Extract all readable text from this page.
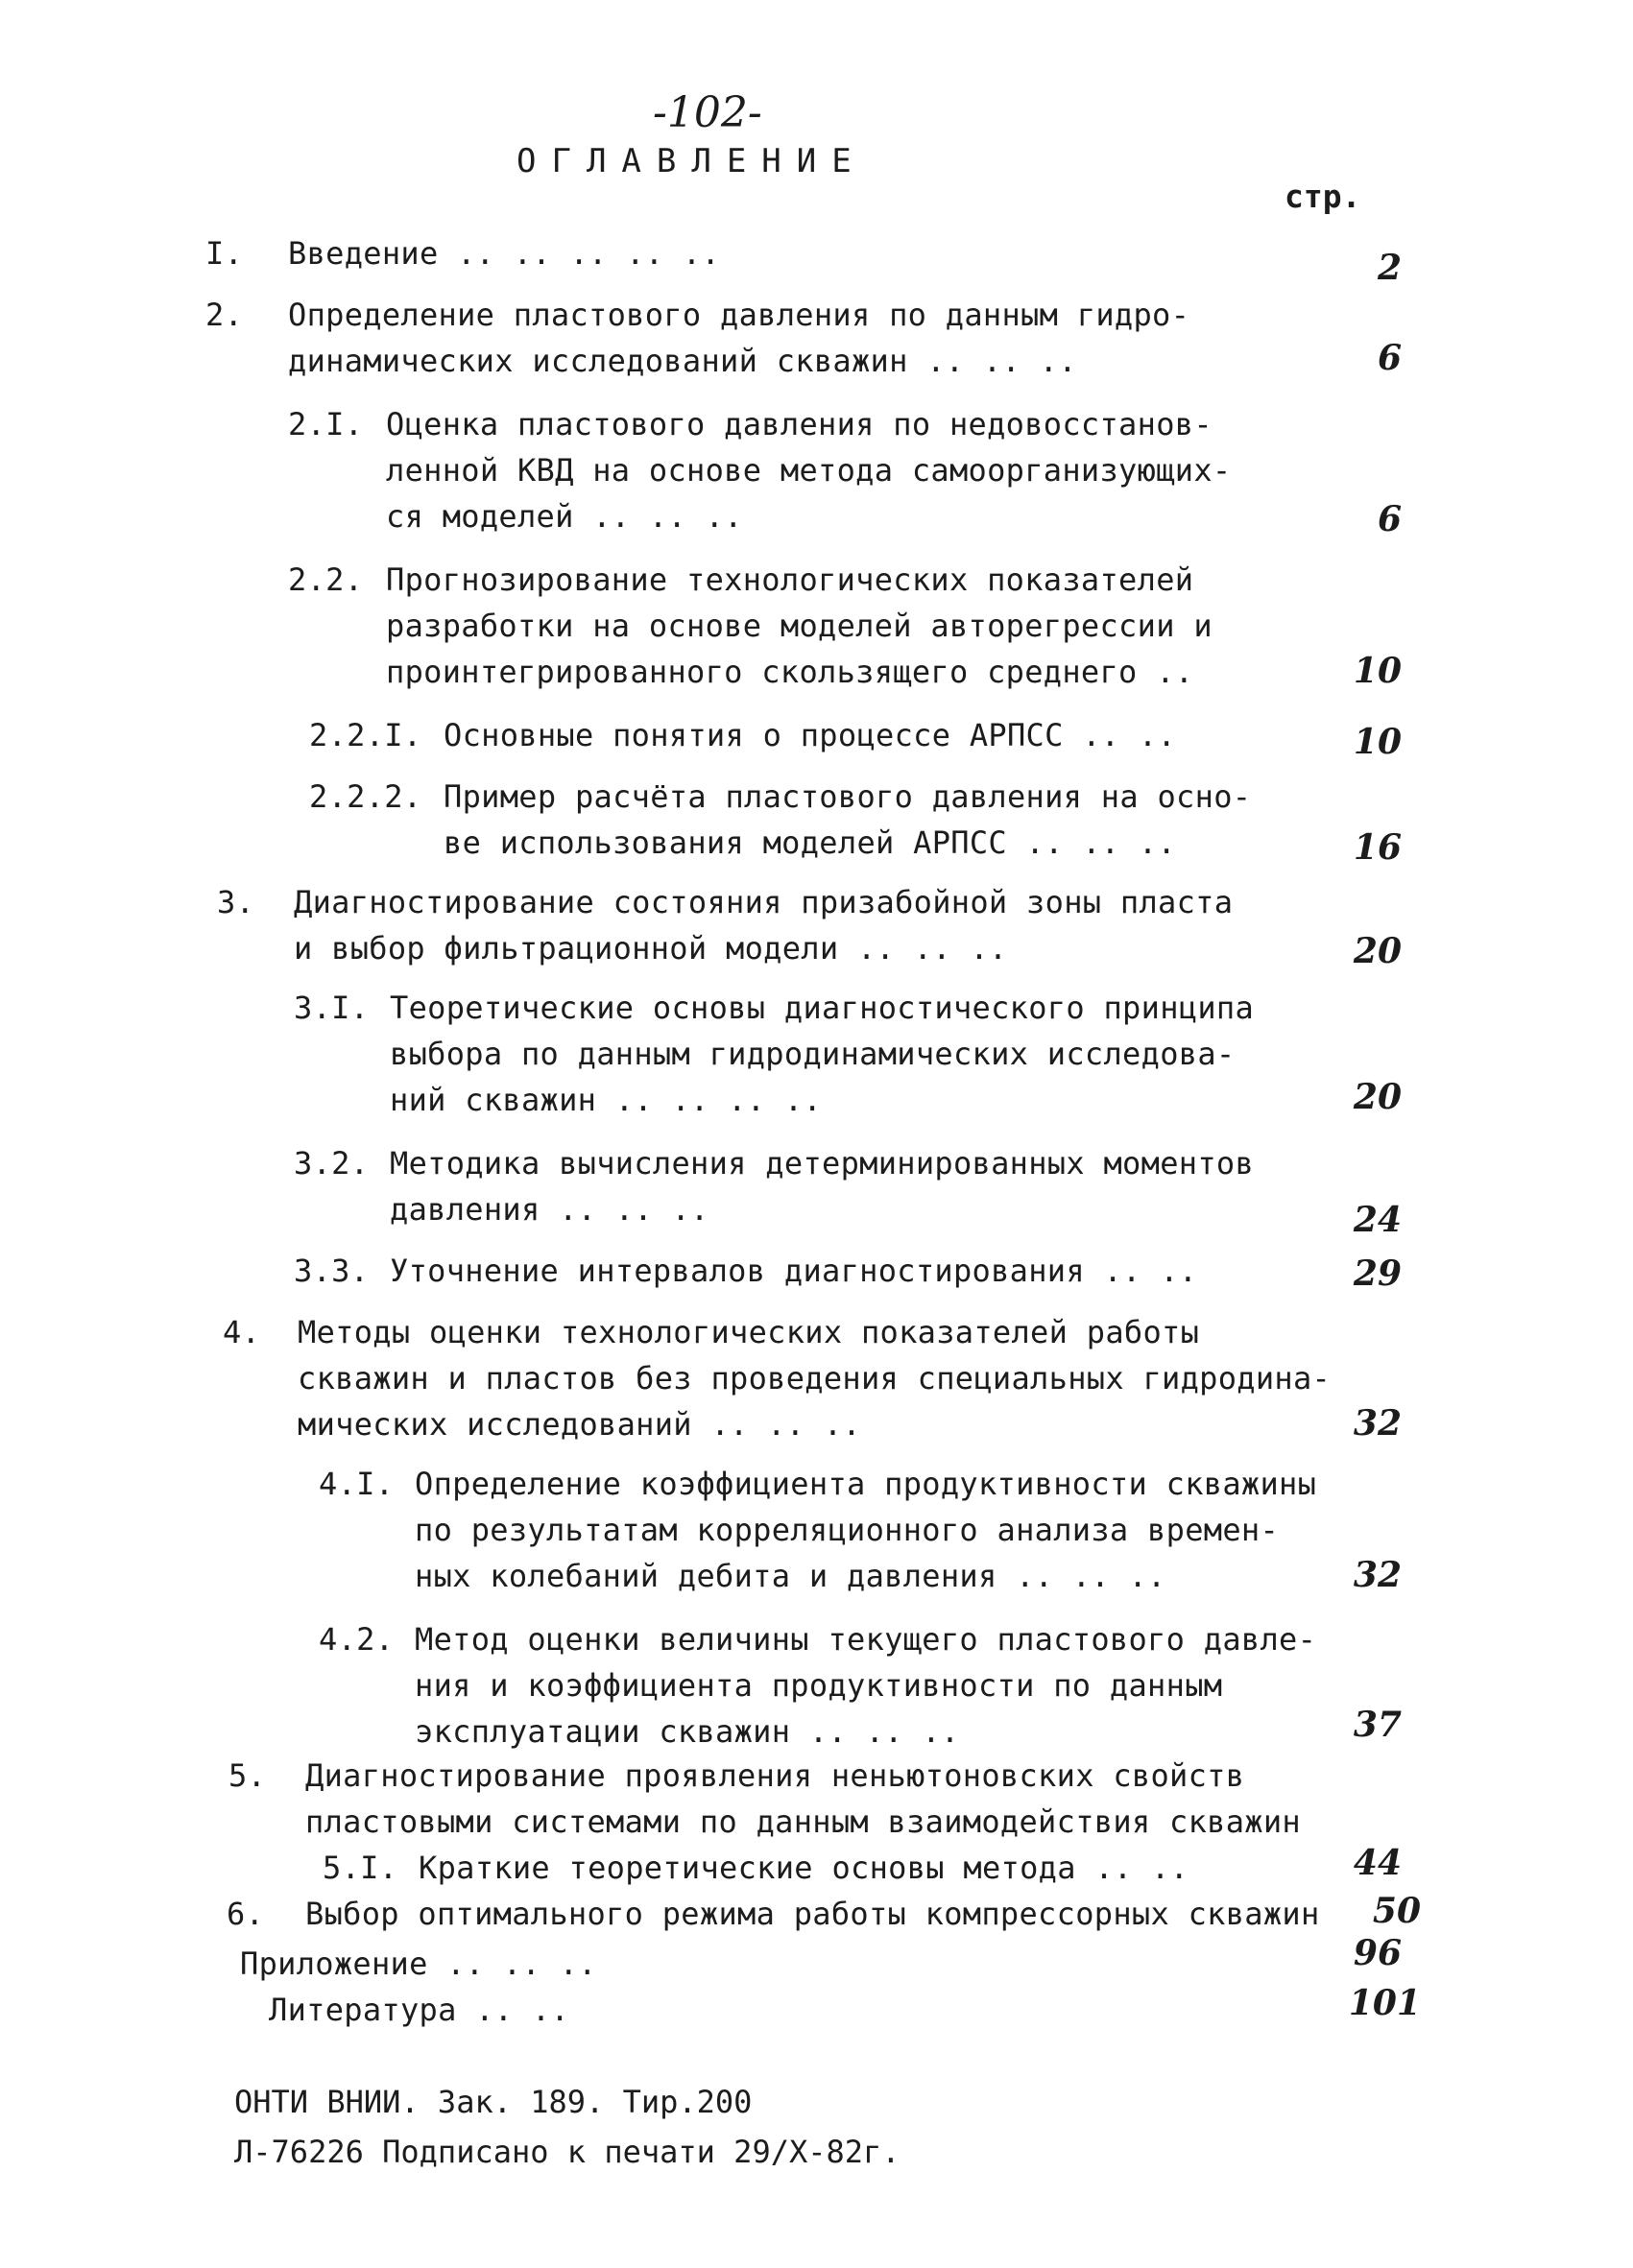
-102-
ОГЛАВЛЕНИЕ
стр.
I. Введение .. .. .. .. ..	2
2. Определение пластового давления по данным гидро-
динамических исследований скважин .. .. ..	6
2.I. Оценка пластового давления по недовосстанов-
ленной КВД на основе метода самоорганизующих-
ся моделей .. .. ..	6
2.2. Прогнозирование технологических показателей
разработки на основе моделей авторегрессии и
проинтегрированного скользящего среднего ..	10
2.2.I. Основные понятия о процессе АРПСС .. ..	10
2.2.2. Пример расчёта пластового давления на осно-
ве использования моделей АРПСС .. .. ..	16
3. Диагностирование состояния призабойной зоны пласта
и выбор фильтрационной модели .. .. ..	20
3.I. Теоретические основы диагностического принципа
выбора по данным гидродинамических исследова-
ний скважин .. .. .. ..	20
3.2. Методика вычисления детерминированных моментов
давления .. .. ..	24
3.3. Уточнение интервалов диагностирования .. ..	29
4. Методы оценки технологических показателей работы
скважин и пластов без проведения специальных гидродина-
мических исследований .. .. ..	32
4.I. Определение коэффициента продуктивности скважины
по результатам корреляционного анализа времен-
ных колебаний дебита и давления .. .. ..	32
4.2. Метод оценки величины текущего пластового давле-
ния и коэффициента продуктивности по данным
эксплуатации скважин .. .. ..	37
5. Диагностирование проявления неньютоновских свойств
пластовыми системами по данным взаимодействия скважин
5.I. Краткие теоретические основы метода .. ..	44
6. Выбор оптимального режима работы компрессорных скважин	50
Приложение .. .. ..	96
Литература .. ..	101
ОНТИ ВНИИ. Зак. 189. Тир.200
Л-76226 Подписано к печати 29/X-82г.
